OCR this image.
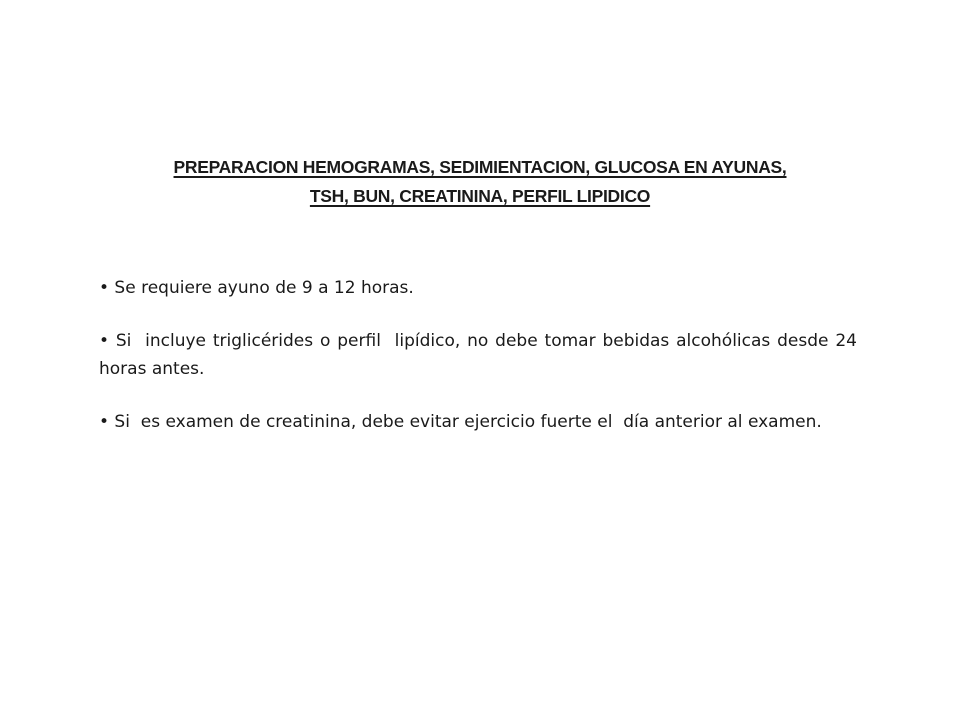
PREPARACION HEMOGRAMAS, SEDIMIENTACION, GLUCOSA EN AYUNAS,
TSH, BUN, CREATININA, PERFIL LIPIDICO

• Se requiere ayuno de 9 a 12 horas.

• Si  incluye triglicérides o perfil  lipídico, no debe tomar bebidas alcohólicas desde 24 horas antes.

• Si  es examen de creatinina, debe evitar ejercicio fuerte el  día anterior al examen.
